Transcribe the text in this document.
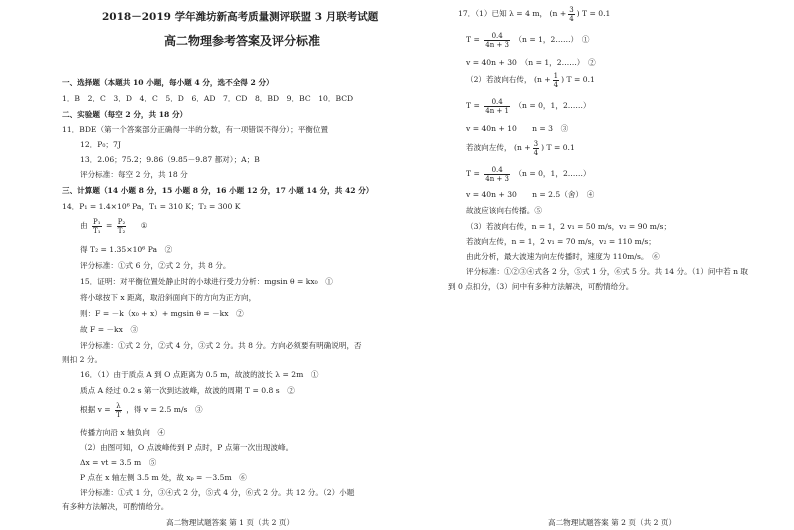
2018－2019 学年潍坊新高考质量测评联盟 3 月联考试题
高二物理参考答案及评分标准
一、选择题（本题共 10 小题，每小题 4 分，选不全得 2 分）
1．B　2．C　3．D　4．C　5．D　6．AD　7．CD　8．BD　9．BC　10．BCD
二、实验题（每空 2 分，共 18 分）
11．BDE（第一个答案部分正确得一半的分数，有一项错误不得分）；平衡位置
12．P₀；7J
13．2.06；75.2；9.86（9.85－9.87 都对）；A；B
评分标准：每空 2 分，共 18 分
三、计算题（14 小题 8 分，15 小题 8 分，16 小题 12 分，17 小题 14 分，共 42 分）
14．P₁ = 1.4×10⁶ Pa，T₁ = 310 K；T₂ = 300 K
由 $\frac{\text{P₁}}{\text{T₁}} = \frac{\text{P₂}}{\text{T₂}}$ ①
得 T₂ = 1.35×10⁶ Pa　②
评分标准：①式 6 分，②式 2 分，共 8 分。
15．证明：对平衡位置处静止时的小球进行受力分析：mgsin θ = kx₀　①
将小球按下 x 距离，取沿斜面向下的方向为正方向，
则：F = －k（x₀ + x）+ mgsin θ = －kx　②
故 F = －kx　③
评分标准：①式 2 分，②式 4 分，③式 2 分。共 8 分。方向必须要有明确说明，否
则扣 2 分。
16．（1）由于质点 A 到 O 点距离为 0.5 m，故波的波长 λ = 2m　①
质点 A 经过 0.2 s 第一次到达波峰，故波的周期 T = 0.8 s　②
根据 $v = \frac{\lambda}{T}$ ，得 v = 2.5 m/s　③
传播方向沿 x 轴负向　④
（2）由图可知，O 点波峰传到 P 点时，P 点第一次出现波峰。
Δx = vt = 3.5 m　⑤
P 点在 x 轴左侧 3.5 m 处，故 xₚ = －3.5m　⑥
评分标准：①式 1 分，③④式 2 分，⑤式 4 分，⑥式 2 分。共 12 分。（2）小题
有多种方法解决，可酌情给分。
高二物理试题答案 第 1 页（共 2 页）
17．（1）已知 λ = 4 m， ($n + \frac{3}{4}$ ) T = 0.1
$T = \frac{0.4}{4n + 3} (n = 1$，2……）　①
v = 40n + 30　（n = 1，2……）　②
（2）若波向右传， ($n + \frac{1}{4}$ ) T = 0.1
$T = \frac{0.4}{4n + 1} (n = 0$，1，2……）
v = 40n + 10　　n = 3　③
若波向左传， ($n + \frac{3}{4}$ ) T = 0.1
$T = \frac{0.4}{4n + 3} (n = 0$，1，2……）
v = 40n + 30　　n = 2.5（舍）　④
故波应该向右传播。⑤
（3）若波向右传，n = 1，2 v₁ = 50 m/s，v₂ = 90 m/s；
若波向左传，n = 1，2 v₁ = 70 m/s，v₂ = 110 m/s；
由此分析，最大波速为向左传播时，速度为 110m/s。　⑥
评分标准：①②③④式各 2 分，⑤式 1 分，⑥式 5 分。共 14 分。（1）问中若 n 取
到 0 点扣分，（3）问中有多种方法解决，可酌情给分。
高二物理试题答案 第 2 页（共 2 页）
